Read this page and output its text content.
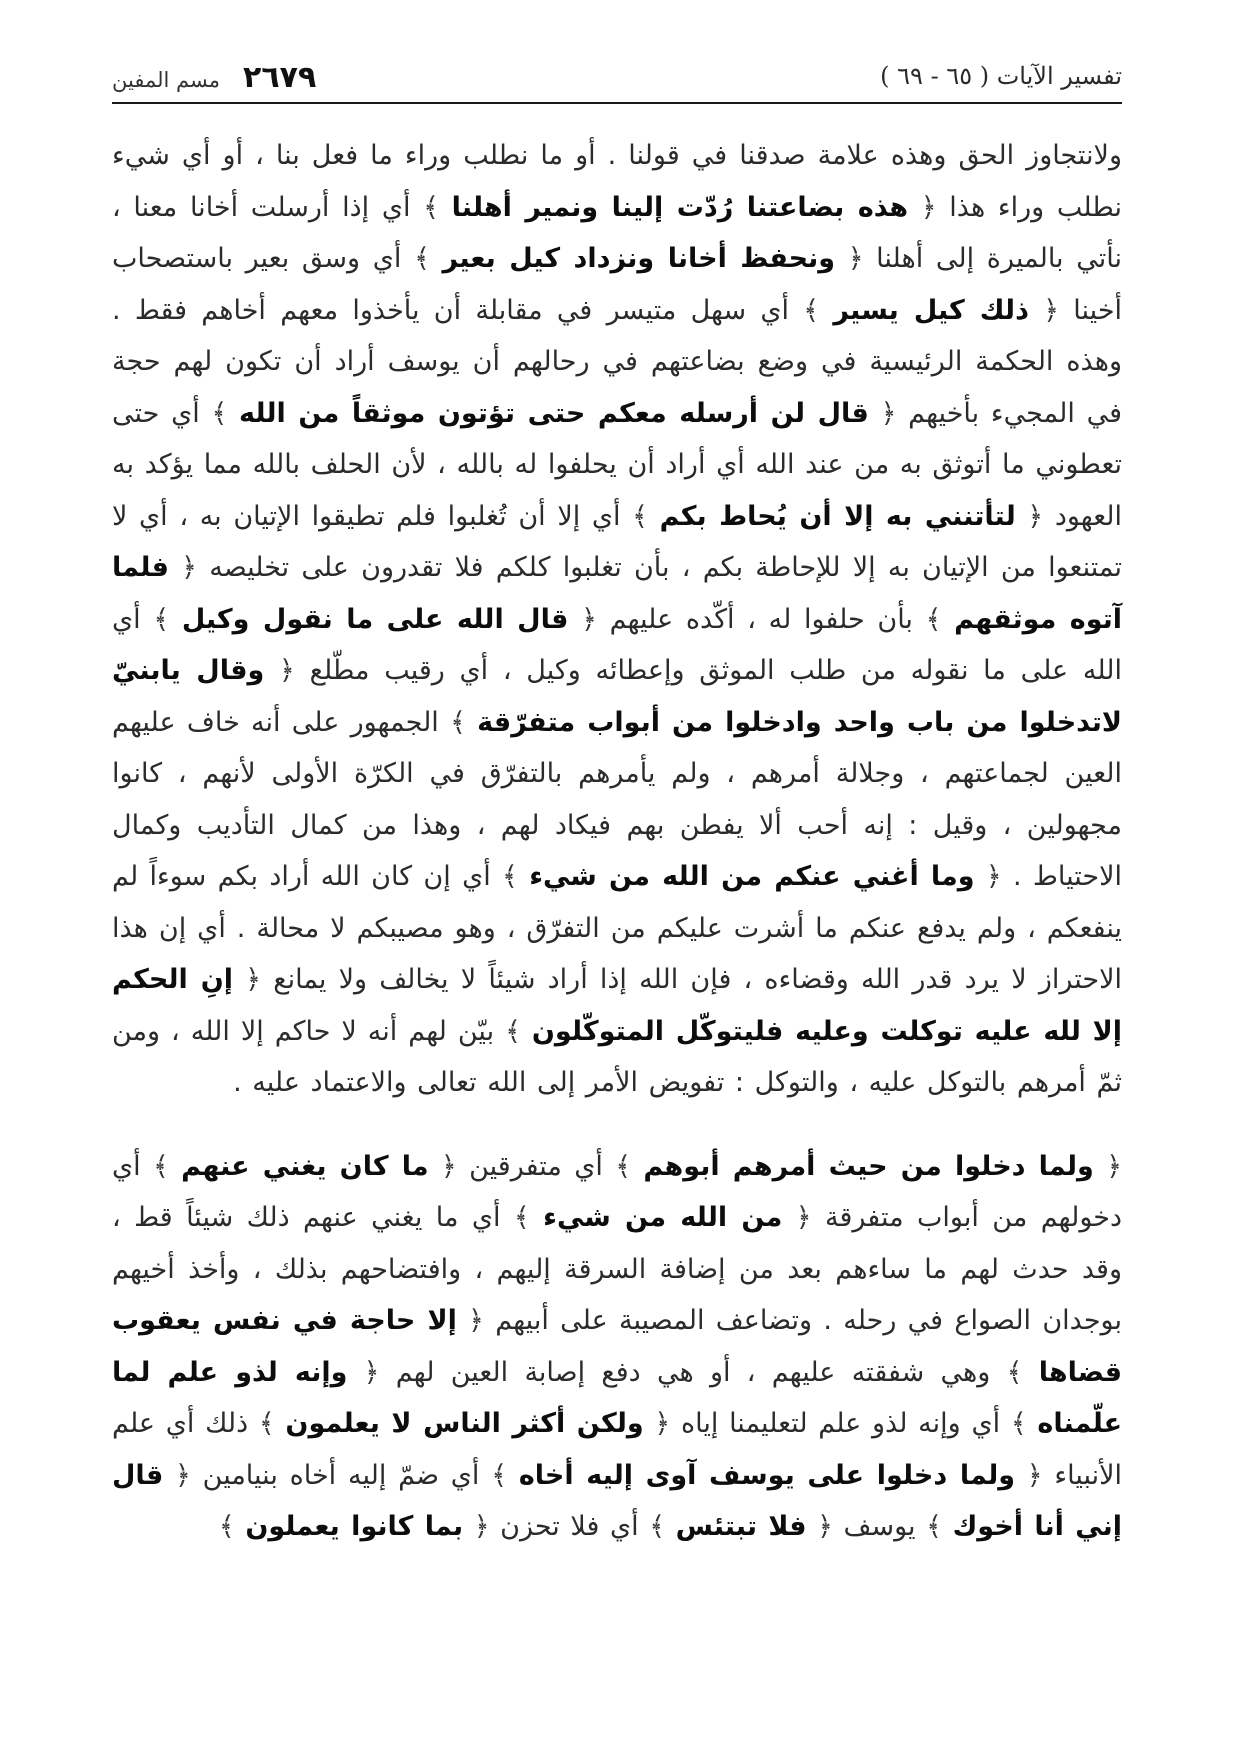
تفسير الآيات ( ٦٥ - ٦٩ )
٢٦٧٩ مسم المفين

ولانتجاوز الحق وهذه علامة صدقنا في قولنا . أو ما نطلب وراء ما فعل بنا ، أو أي شيء نطلب وراء هذا ﴿ هذه بضاعتنا رُدّت إلينا ونمير أهلنا ﴾ أي إذا أرسلت أخانا معنا ، نأتي بالميرة إلى أهلنا ﴿ ونحفظ أخانا ونزداد كيل بعير ﴾ أي وسق بعير باستصحاب أخينا ﴿ ذلك كيل يسير ﴾ أي سهل متيسر في مقابلة أن يأخذوا معهم أخاهم فقط . وهذه الحكمة الرئيسية في وضع بضاعتهم في رحالهم أن يوسف أراد أن تكون لهم حجة في المجيء بأخيهم ﴿ قال لن أرسله معكم حتى تؤتون موثقاً من الله ﴾ أي حتى تعطوني ما أتوثق به من عند الله أي أراد أن يحلفوا له بالله ، لأن الحلف بالله مما يؤكد به العهود ﴿ لتأتنني به إلا أن يُحاط بكم ﴾ أي إلا أن تُغلبوا فلم تطيقوا الإتيان به ، أي لا تمتنعوا من الإتيان به إلا للإحاطة بكم ، بأن تغلبوا كلكم فلا تقدرون على تخليصه ﴿ فلما آتوه موثقهم ﴾ بأن حلفوا له ، أكّده عليهم ﴿ قال الله على ما نقول وكيل ﴾ أي الله على ما نقوله من طلب الموثق وإعطائه وكيل ، أي رقيب مطّلع ﴿ وقال يابنيّ لاتدخلوا من باب واحد وادخلوا من أبواب متفرّقة ﴾ الجمهور على أنه خاف عليهم العين لجماعتهم ، وجلالة أمرهم ، ولم يأمرهم بالتفرّق في الكرّة الأولى لأنهم ، كانوا مجهولين ، وقيل : إنه أحب ألا يفطن بهم فيكاد لهم ، وهذا من كمال التأديب وكمال الاحتياط . ﴿ وما أغني عنكم من الله من شيء ﴾ أي إن كان الله أراد بكم سوءاً لم ينفعكم ، ولم يدفع عنكم ما أشرت عليكم من التفرّق ، وهو مصيبكم لا محالة . أي إن هذا الاحتراز لا يرد قدر الله وقضاءه ، فإن الله إذا أراد شيئاً لا يخالف ولا يمانع ﴿ إنِ الحكم إلا لله عليه توكلت وعليه فليتوكّل المتوكّلون ﴾ بيّن لهم أنه لا حاكم إلا الله ، ومن ثمّ أمرهم بالتوكل عليه ، والتوكل : تفويض الأمر إلى الله تعالى والاعتماد عليه .

﴿ ولما دخلوا من حيث أمرهم أبوهم ﴾ أي متفرقين ﴿ ما كان يغني عنهم ﴾ أي دخولهم من أبواب متفرقة ﴿ من الله من شيء ﴾ أي ما يغني عنهم ذلك شيئاً قط ، وقد حدث لهم ما ساءهم بعد من إضافة السرقة إليهم ، وافتضاحهم بذلك ، وأخذ أخيهم بوجدان الصواع في رحله . وتضاعف المصيبة على أبيهم ﴿ إلا حاجة في نفس يعقوب قضاها ﴾ وهي شفقته عليهم ، أو هي دفع إصابة العين لهم ﴿ وإنه لذو علم لما علّمناه ﴾ أي وإنه لذو علم لتعليمنا إياه ﴿ ولكن أكثر الناس لا يعلمون ﴾ ذلك أي علم الأنبياء ﴿ ولما دخلوا على يوسف آوى إليه أخاه ﴾ أي ضمّ إليه أخاه بنيامين ﴿ قال إني أنا أخوك ﴾ يوسف ﴿ فلا تبتئس ﴾ أي فلا تحزن ﴿ بما كانوا يعملون ﴾
